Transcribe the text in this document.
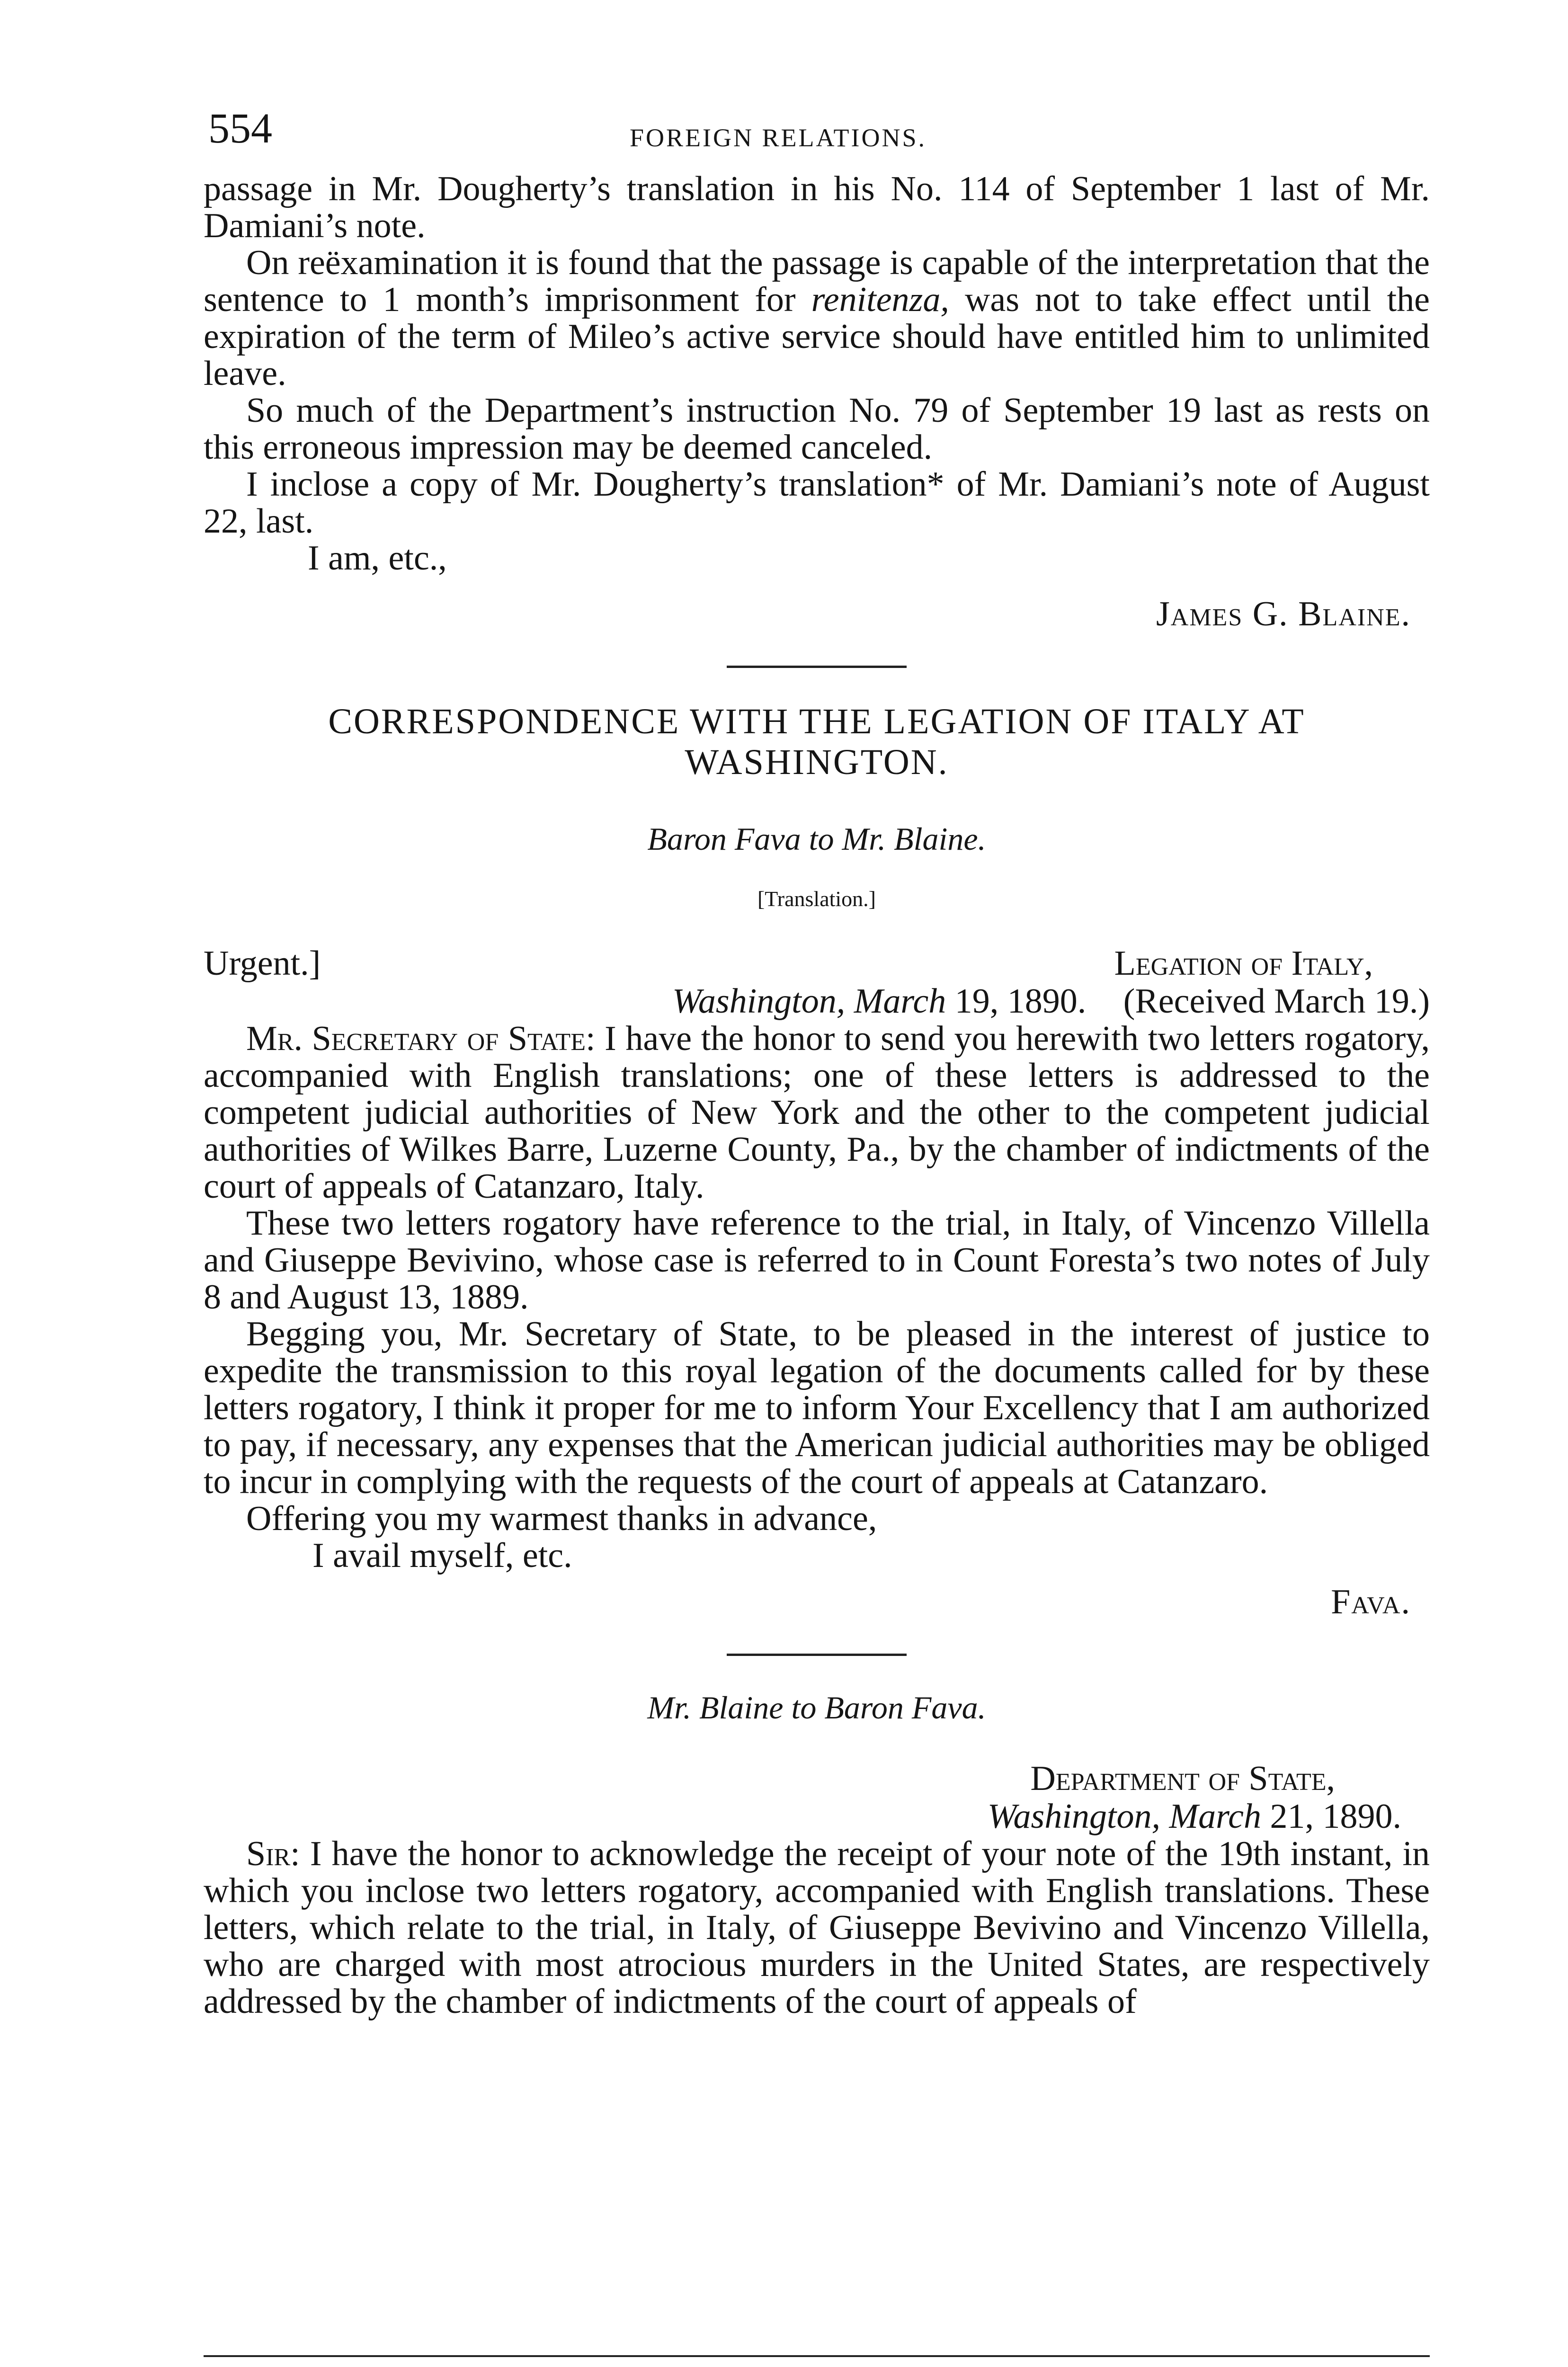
554	FOREIGN RELATIONS.

passage in Mr. Dougherty’s translation in his No. 114 of September 1 last of Mr. Damiani’s note.

On reëxamination it is found that the passage is capable of the interpretation that the sentence to 1 month’s imprisonment for renitenza, was not to take effect until the expiration of the term of Mileo’s active service should have entitled him to unlimited leave.

So much of the Department’s instruction No. 79 of September 19 last as rests on this erroneous impression may be deemed canceled.

I inclose a copy of Mr. Dougherty’s translation* of Mr. Damiani’s note of August 22, last.

I am, etc.,

James G. Blaine.

CORRESPONDENCE WITH THE LEGATION OF ITALY AT
WASHINGTON.
Baron Fava to Mr. Blaine.
[Translation.]
Urgent.]	Legation of Italy,
Washington, March 19, 1890. (Received March 19.)

Mr. Secretary of State: I have the honor to send you herewith two letters rogatory, accompanied with English translations; one of these letters is addressed to the competent judicial authorities of New York and the other to the competent judicial authorities of Wilkes Barre, Luzerne County, Pa., by the chamber of indictments of the court of appeals of Catanzaro, Italy.

These two letters rogatory have reference to the trial, in Italy, of Vincenzo Villella and Giuseppe Bevivino, whose case is referred to in Count Foresta’s two notes of July 8 and August 13, 1889.

Begging you, Mr. Secretary of State, to be pleased in the interest of justice to expedite the transmission to this royal legation of the documents called for by these letters rogatory, I think it proper for me to inform Your Excellency that I am authorized to pay, if necessary, any expenses that the American judicial authorities may be obliged to incur in complying with the requests of the court of appeals at Catanzaro.

Offering you my warmest thanks in advance,

I avail myself, etc.

Fava.

Mr. Blaine to Baron Fava.
Department of State,
Washington, March 21, 1890.

Sir: I have the honor to acknowledge the receipt of your note of the 19th instant, in which you inclose two letters rogatory, accompanied with English translations. These letters, which relate to the trial, in Italy, of Giuseppe Bevivino and Vincenzo Villella, who are charged with most atrocious murders in the United States, are respectively addressed by the chamber of indictments of the court of appeals of
